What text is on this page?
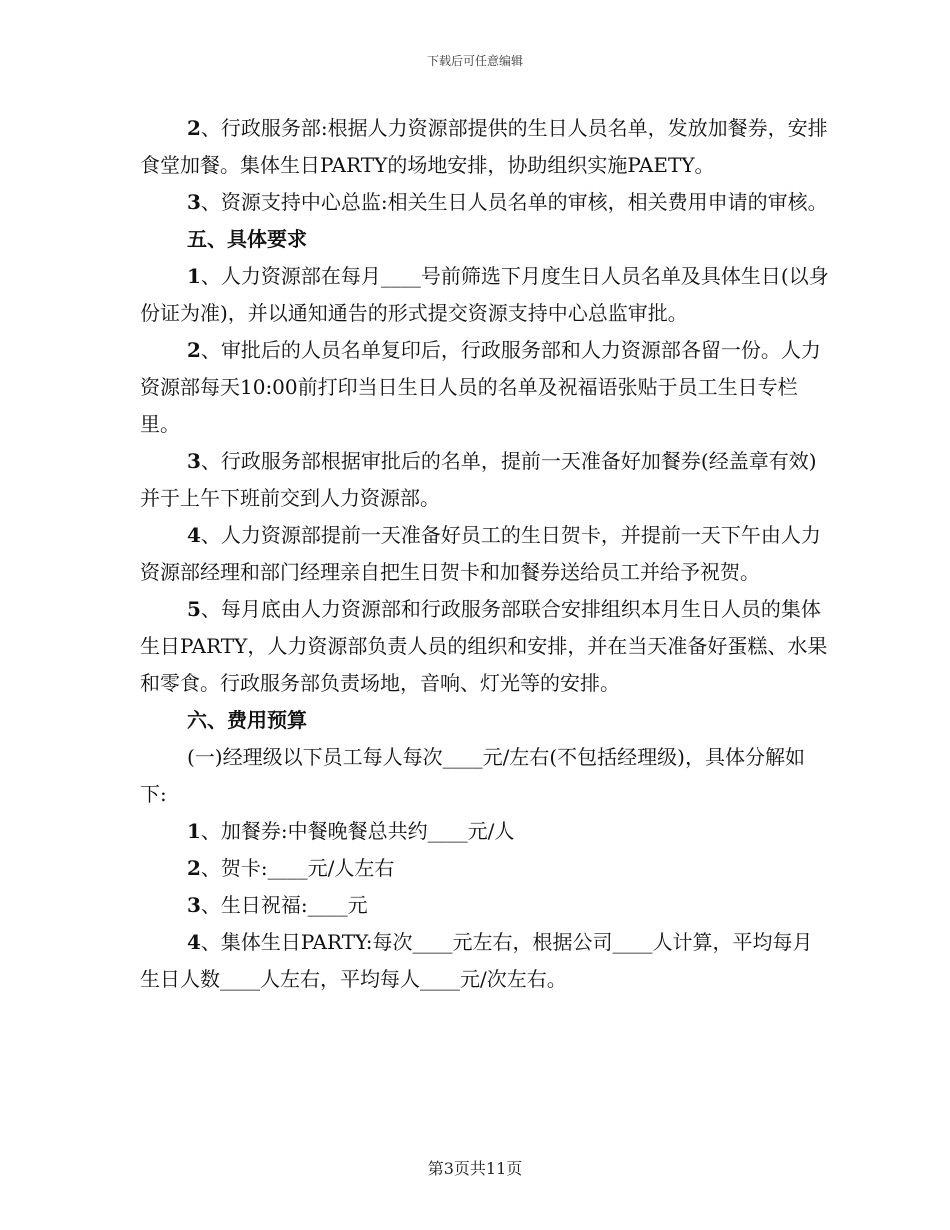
下载后可任意编辑

2、行政服务部:根据人力资源部提供的生日人员名单，发放加餐券，安排食堂加餐。集体生日PARTY的场地安排，协助组织实施PAETY。

3、资源支持中心总监:相关生日人员名单的审核，相关费用申请的审核。

五、具体要求

1、人力资源部在每月____号前筛选下月度生日人员名单及具体生日(以身份证为准)，并以通知通告的形式提交资源支持中心总监审批。

2、审批后的人员名单复印后，行政服务部和人力资源部各留一份。人力资源部每天10:00前打印当日生日人员的名单及祝福语张贴于员工生日专栏里。

3、行政服务部根据审批后的名单，提前一天准备好加餐券(经盖章有效)并于上午下班前交到人力资源部。

4、人力资源部提前一天准备好员工的生日贺卡，并提前一天下午由人力资源部经理和部门经理亲自把生日贺卡和加餐券送给员工并给予祝贺。

5、每月底由人力资源部和行政服务部联合安排组织本月生日人员的集体生日PARTY，人力资源部负责人员的组织和安排，并在当天准备好蛋糕、水果和零食。行政服务部负责场地，音响、灯光等的安排。

六、费用预算

(一)经理级以下员工每人每次____元/左右(不包括经理级)，具体分解如下:

1、加餐券:中餐晚餐总共约____元/人

2、贺卡:____元/人左右

3、生日祝福:____元

4、集体生日PARTY:每次____元左右，根据公司____人计算，平均每月生日人数____人左右，平均每人____元/次左右。

第3页共11页
